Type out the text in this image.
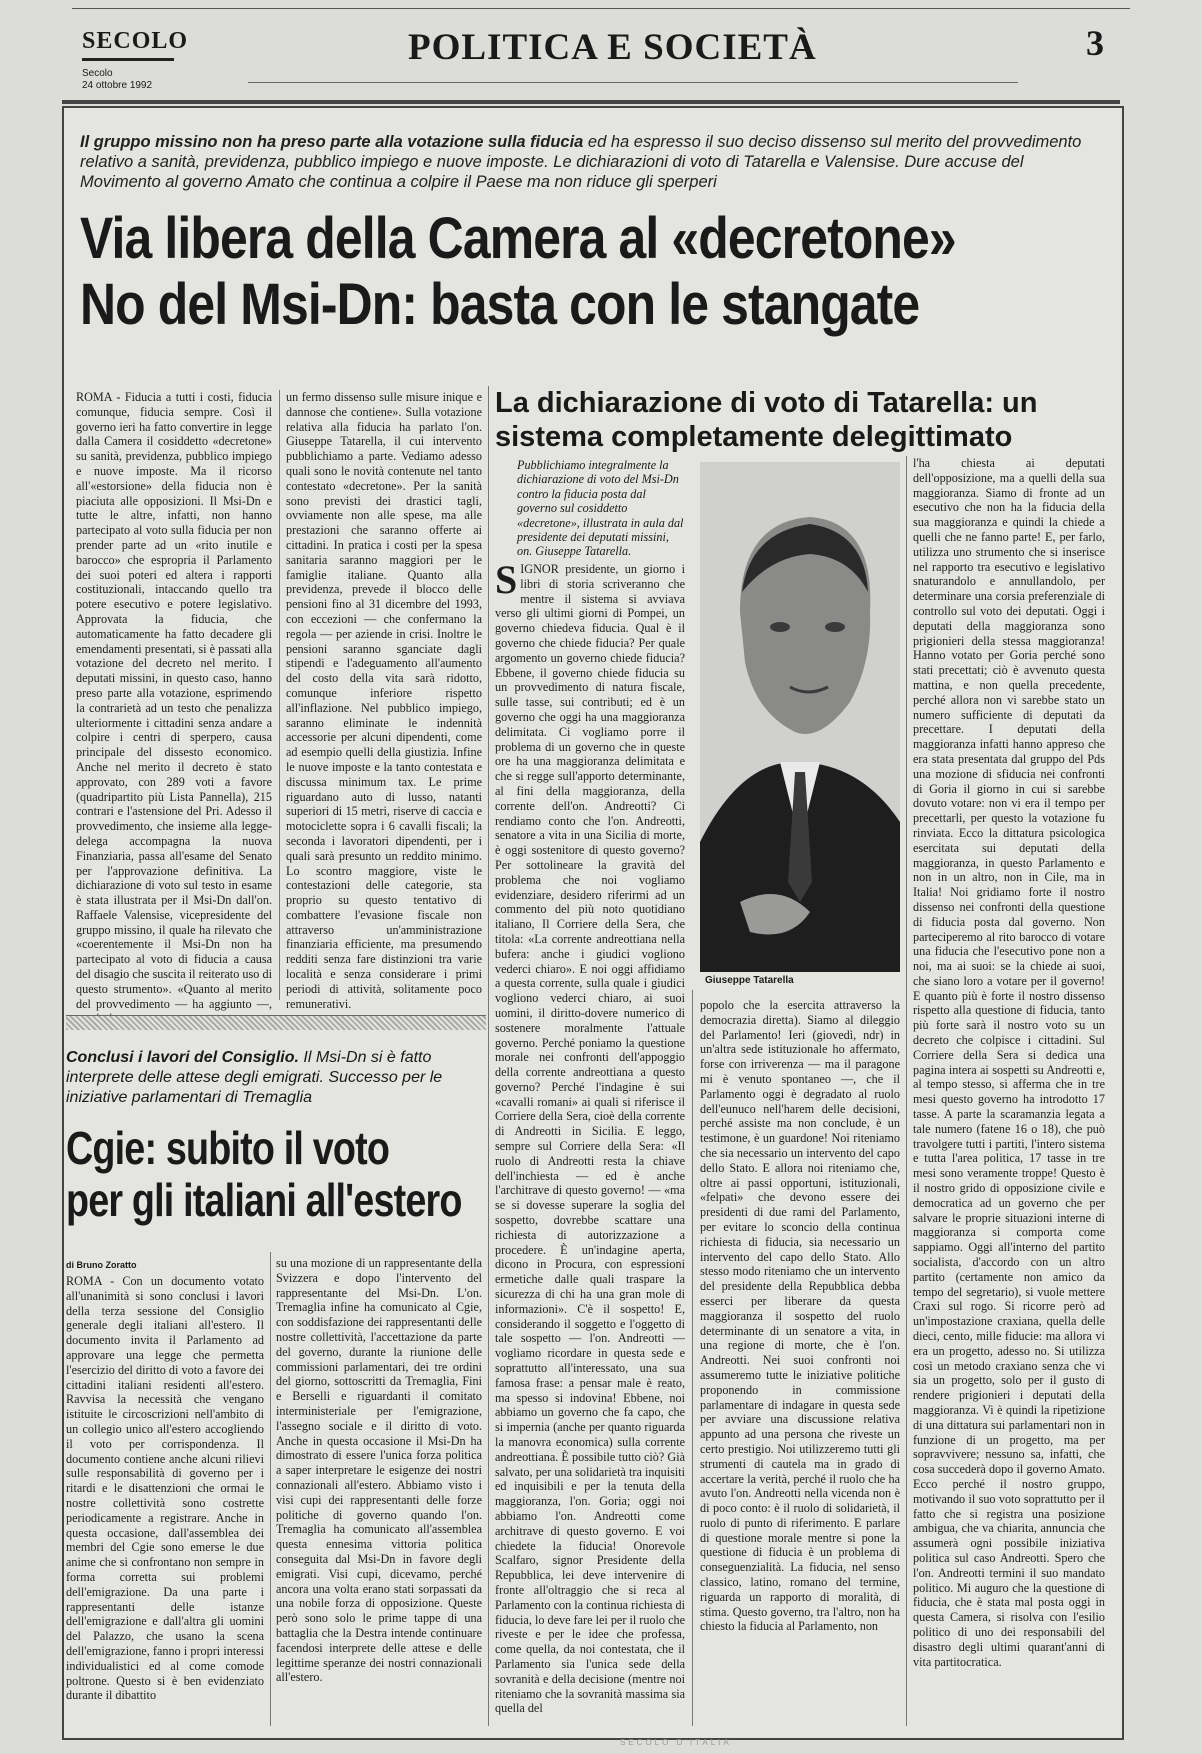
SECOLO
Secolo
24 ottobre 1992
POLITICA E SOCIETÀ	3
Il gruppo missino non ha preso parte alla votazione sulla fiducia ed ha espresso il suo deciso dissenso sul merito del provvedimento relativo a sanità, previdenza, pubblico impiego e nuove imposte. Le dichiarazioni di voto di Tatarella e Valensise. Dure accuse del Movimento al governo Amato che continua a colpire il Paese ma non riduce gli sperperi
Via libera della Camera al «decretone»
No del Msi-Dn: basta con le stangate

ROMA - Fiducia a tutti i costi, fiducia comunque, fiducia sempre. Così il governo ieri ha fatto convertire in legge dalla Camera il cosiddetto «decretone» su sanità, previdenza, pubblico impiego e nuove imposte. Ma il ricorso all'«estorsione» della fiducia non è piaciuta alle opposizioni. Il Msi-Dn e tutte le altre, infatti, non hanno partecipato al voto sulla fiducia per non prender parte ad un «rito inutile e barocco» che espropria il Parlamento dei suoi poteri ed altera i rapporti costituzionali, intaccando quello tra potere esecutivo e potere legislativo. Approvata la fiducia, che automaticamente ha fatto decadere gli emendamenti presentati, si è passati alla votazione del decreto nel merito. I deputati missini, in questo caso, hanno preso parte alla votazione, esprimendo la contrarietà ad un testo che penalizza ulteriormente i cittadini senza andare a colpire i centri di sperpero, causa principale del dissesto economico. Anche nel merito il decreto è stato approvato, con 289 voti a favore (quadripartito più Lista Pannella), 215 contrari e l'astensione del Pri. Adesso il provvedimento, che insieme alla legge-delega accompagna la nuova Finanziaria, passa all'esame del Senato per l'approvazione definitiva. La dichiarazione di voto sul testo in esame è stata illustrata per il Msi-Dn dall'on. Raffaele Valensise, vicepresidente del gruppo missino, il quale ha rilevato che «coerentemente il Msi-Dn non ha partecipato al voto di fiducia a causa del disagio che suscita il reiterato uso di questo strumento». «Quanto al merito del provvedimento — ha aggiunto —,

un fermo dissenso sulle misure inique e dannose che contiene». Sulla votazione relativa alla fiducia ha parlato l'on. Giuseppe Tatarella, il cui intervento pubblichiamo a parte. Vediamo adesso quali sono le novità contenute nel tanto contestato «decretone». Per la sanità sono previsti dei drastici tagli, ovviamente non alle spese, ma alle prestazioni che saranno offerte ai cittadini. In pratica i costi per la spesa sanitaria saranno maggiori per le famiglie italiane. Quanto alla previdenza, prevede il blocco delle pensioni fino al 31 dicembre del 1993, con eccezioni — che confermano la regola — per aziende in crisi. Inoltre le pensioni saranno sganciate dagli stipendi e l'adeguamento all'aumento del costo della vita sarà ridotto, comunque inferiore rispetto all'inflazione. Nel pubblico impiego, saranno eliminate le indennità accessorie per alcuni dipendenti, come ad esempio quelli della giustizia. Infine le nuove imposte e la tanto contestata e discussa minimum tax. Le prime riguardano auto di lusso, natanti superiori di 15 metri, riserve di caccia e motociclette sopra i 6 cavalli fiscali; la seconda i lavoratori dipendenti, per i quali sarà presunto un reddito minimo. Lo scontro maggiore, viste le contestazioni delle categorie, sta proprio su questo tentativo di combattere l'evasione fiscale non attraverso un'amministrazione finanziaria efficiente, ma presumendo redditi senza fare distinzioni tra varie località e senza considerare i primi periodi di attività, solitamente poco remunerativi.

La dichiarazione di voto di Tatarella: un sistema completamente delegittimato
Pubblichiamo integralmente la dichiarazione di voto del Msi-Dn contro la fiducia posta dal governo sul cosiddetto «decretone», illustrata in aula dal presidente dei deputati missini, on. Giuseppe Tatarella.
Giuseppe Tatarella
S IGNOR presidente, un giorno i libri di storia scriveranno che mentre il sistema si avviava verso gli ultimi giorni di Pompei, un governo chiedeva fiducia. Qual è il governo che chiede fiducia? Per quale argomento un governo chiede fiducia? Ebbene, il governo chiede fiducia su un provvedimento di natura fiscale, sulle tasse, sui contributi; ed è un governo che oggi ha una maggioranza delimitata. Ci vogliamo porre il problema di un governo che in queste ore ha una maggioranza delimitata e che si regge sull'apporto determinante, al fini della maggioranza, della corrente dell'on. Andreotti? Ci rendiamo conto che l'on. Andreotti, senatore a vita in una Sicilia di morte, è oggi sostenitore di questo governo? Per sottolineare la gravità del problema che noi vogliamo evidenziare, desidero riferirmi ad un commento del più noto quotidiano italiano, Il Corriere della Sera, che titola: «La corrente andreottiana nella bufera: anche i giudici vogliono vederci chiaro». E noi oggi affidiamo a questa corrente, sulla quale i giudici vogliono vederci chiaro, ai suoi uomini, il diritto-dovere numerico di sostenere moralmente l'attuale governo. Perché poniamo la questione morale nei confronti dell'appoggio della corrente andreottiana a questo governo? Perché l'indagine è sui «cavalli romani» ai quali si riferisce il Corriere della Sera, cioè della corrente di Andreotti in Sicilia. E leggo, sempre sul Corriere della Sera: «Il ruolo di Andreotti resta la chiave dell'inchiesta — ed è anche l'architrave di questo governo! — «ma se si dovesse superare la soglia del sospetto, dovrebbe scattare una richiesta di autorizzazione a procedere. È un'indagine aperta, dicono in Procura, con espressioni ermetiche dalle quali traspare la sicurezza di chi ha una gran mole di informazioni». C'è il sospetto! E, considerando il soggetto e l'oggetto di tale sospetto — l'on. Andreotti — vogliamo ricordare in questa sede e soprattutto all'interessato, una sua famosa frase: a pensar male è reato, ma spesso si indovina! Ebbene, noi abbiamo un governo che fa capo, che si impernia (anche per quanto riguarda la manovra economica) sulla corrente andreottiana. È possibile tutto ciò? Già salvato, per una solidarietà tra inquisiti ed inquisibili e per la tenuta della maggioranza, l'on. Goria; oggi noi abbiamo l'on. Andreotti come architrave di questo governo. E voi chiedete la fiducia! Onorevole Scalfaro, signor Presidente della Repubblica, lei deve intervenire di fronte all'oltraggio che si reca al Parlamento con la continua richiesta di fiducia, lo deve fare lei per il ruolo che riveste e per le idee che professa, come quella, da noi contestata, che il Parlamento sia l'unica sede della sovranità e della decisione (mentre noi riteniamo che la sovranità massima sia quella del

popolo che la esercita attraverso la democrazia diretta). Siamo al dileggio del Parlamento! Ieri (giovedì, ndr) in un'altra sede istituzionale ho affermato, forse con irriverenza — ma il paragone mi è venuto spontaneo —, che il Parlamento oggi è degradato al ruolo dell'eunuco nell'harem delle decisioni, perché assiste ma non conclude, è un testimone, è un guardone! Noi riteniamo che sia necessario un intervento del capo dello Stato. E allora noi riteniamo che, oltre ai passi opportuni, istituzionali, «felpati» che devono essere dei presidenti di due rami del Parlamento, per evitare lo sconcio della continua richiesta di fiducia, sia necessario un intervento del capo dello Stato. Allo stesso modo riteniamo che un intervento del presidente della Repubblica debba esserci per liberare da questa maggioranza il sospetto del ruolo determinante di un senatore a vita, in una regione di morte, che è l'on. Andreotti. Nei suoi confronti noi assumeremo tutte le iniziative politiche proponendo in commissione parlamentare di indagare in questa sede per avviare una discussione relativa appunto ad una persona che riveste un certo prestigio. Noi utilizzeremo tutti gli strumenti di cautela ma in grado di accertare la verità, perché il ruolo che ha avuto l'on. Andreotti nella vicenda non è di poco conto: è il ruolo di solidarietà, il ruolo di punto di riferimento. E parlare di questione morale mentre si pone la questione di fiducia è un problema di conseguenzialità. La fiducia, nel senso classico, latino, romano del termine, riguarda un rapporto di moralità, di stima. Questo governo, tra l'altro, non ha chiesto la fiducia al Parlamento, non

l'ha chiesta ai deputati dell'opposizione, ma a quelli della sua maggioranza. Siamo di fronte ad un esecutivo che non ha la fiducia della sua maggioranza e quindi la chiede a quelli che ne fanno parte! E, per farlo, utilizza uno strumento che si inserisce nel rapporto tra esecutivo e legislativo snaturandolo e annullandolo, per determinare una corsia preferenziale di controllo sul voto dei deputati. Oggi i deputati della maggioranza sono prigionieri della stessa maggioranza! Hanno votato per Goria perché sono stati precettati; ciò è avvenuto questa mattina, e non quella precedente, perché allora non vi sarebbe stato un numero sufficiente di deputati da precettare. I deputati della maggioranza infatti hanno appreso che era stata presentata dal gruppo del Pds una mozione di sfiducia nei confronti di Goria il giorno in cui si sarebbe dovuto votare: non vi era il tempo per precettarli, per questo la votazione fu rinviata. Ecco la dittatura psicologica esercitata sui deputati della maggioranza, in questo Parlamento e non in un altro, non in Cile, ma in Italia! Noi gridiamo forte il nostro dissenso nei confronti della questione di fiducia posta dal governo. Non parteciperemo al rito barocco di votare una fiducia che l'esecutivo pone non a noi, ma ai suoi: se la chiede ai suoi, che siano loro a votare per il governo! E quanto più è forte il nostro dissenso rispetto alla questione di fiducia, tanto più forte sarà il nostro voto su un decreto che colpisce i cittadini. Sul Corriere della Sera si dedica una pagina intera ai sospetti su Andreotti e, al tempo stesso, si afferma che in tre mesi questo governo ha introdotto 17 tasse. A parte la scaramanzia legata a tale numero (fatene 16 o 18), che può travolgere tutti i partiti, l'intero sistema e tutta l'area politica, 17 tasse in tre mesi sono veramente troppe! Questo è il nostro grido di opposizione civile e democratica ad un governo che per salvare le proprie situazioni interne di maggioranza si comporta come sappiamo. Oggi all'interno del partito socialista, d'accordo con un altro partito (certamente non amico da tempo del segretario), si vuole mettere Craxi sul rogo. Si ricorre però ad un'impostazione craxiana, quella delle dieci, cento, mille fiducie: ma allora vi era un progetto, adesso no. Si utilizza così un metodo craxiano senza che vi sia un progetto, solo per il gusto di rendere prigionieri i deputati della maggioranza. Vi è quindi la ripetizione di una dittatura sui parlamentari non in funzione di un progetto, ma per sopravvivere; nessuno sa, infatti, che cosa succederà dopo il governo Amato. Ecco perché il nostro gruppo, motivando il suo voto soprattutto per il fatto che si registra una posizione ambigua, che va chiarita, annuncia che assumerà ogni possibile iniziativa politica sul caso Andreotti. Spero che l'on. Andreotti termini il suo mandato politico. Mi auguro che la questione di fiducia, che è stata mal posta oggi in questa Camera, si risolva con l'esilio politico di uno dei responsabili del disastro degli ultimi quarant'anni di vita partitocratica.

Conclusi i lavori del Consiglio. Il Msi-Dn si è fatto interprete delle attese degli emigrati. Successo per le iniziative parlamentari di Tremaglia
Cgie: subito il voto
per gli italiani all'estero
di Bruno Zoratto

ROMA - Con un documento votato all'unanimità si sono conclusi i lavori della terza sessione del Consiglio generale degli italiani all'estero. Il documento invita il Parlamento ad approvare una legge che permetta l'esercizio del diritto di voto a favore dei cittadini italiani residenti all'estero. Ravvisa la necessità che vengano istituite le circoscrizioni nell'ambito di un collegio unico all'estero accogliendo il voto per corrispondenza. Il documento contiene anche alcuni rilievi sulle responsabilità di governo per i ritardi e le disattenzioni che ormai le nostre collettività sono costrette periodicamente a registrare. Anche in questa occasione, dall'assemblea dei membri del Cgie sono emerse le due anime che si confrontano non sempre in forma corretta sui problemi dell'emigrazione. Da una parte i rappresentanti delle istanze dell'emigrazione e dall'altra gli uomini del Palazzo, che usano la scena dell'emigrazione, fanno i propri interessi individualistici ed al come comode poltrone. Questo si è ben evidenziato durante il dibattito

su una mozione di un rappresentante della Svizzera e dopo l'intervento del rappresentante del Msi-Dn. L'on. Tremaglia infine ha comunicato al Cgie, con soddisfazione dei rappresentanti delle nostre collettività, l'accettazione da parte del governo, durante la riunione delle commissioni parlamentari, dei tre ordini del giorno, sottoscritti da Tremaglia, Fini e Berselli e riguardanti il comitato interministeriale per l'emigrazione, l'assegno sociale e il diritto di voto. Anche in questa occasione il Msi-Dn ha dimostrato di essere l'unica forza politica a saper interpretare le esigenze dei nostri connazionali all'estero. Abbiamo visto i visi cupi dei rappresentanti delle forze politiche di governo quando l'on. Tremaglia ha comunicato all'assemblea questa ennesima vittoria politica conseguita dal Msi-Dn in favore degli emigrati. Visi cupi, dicevamo, perché ancora una volta erano stati sorpassati da una nobile forza di opposizione. Queste però sono solo le prime tappe di una battaglia che la Destra intende continuare facendosi interprete delle attese e delle legittime speranze dei nostri connazionali all'estero.

SECOLO D'ITALIA
